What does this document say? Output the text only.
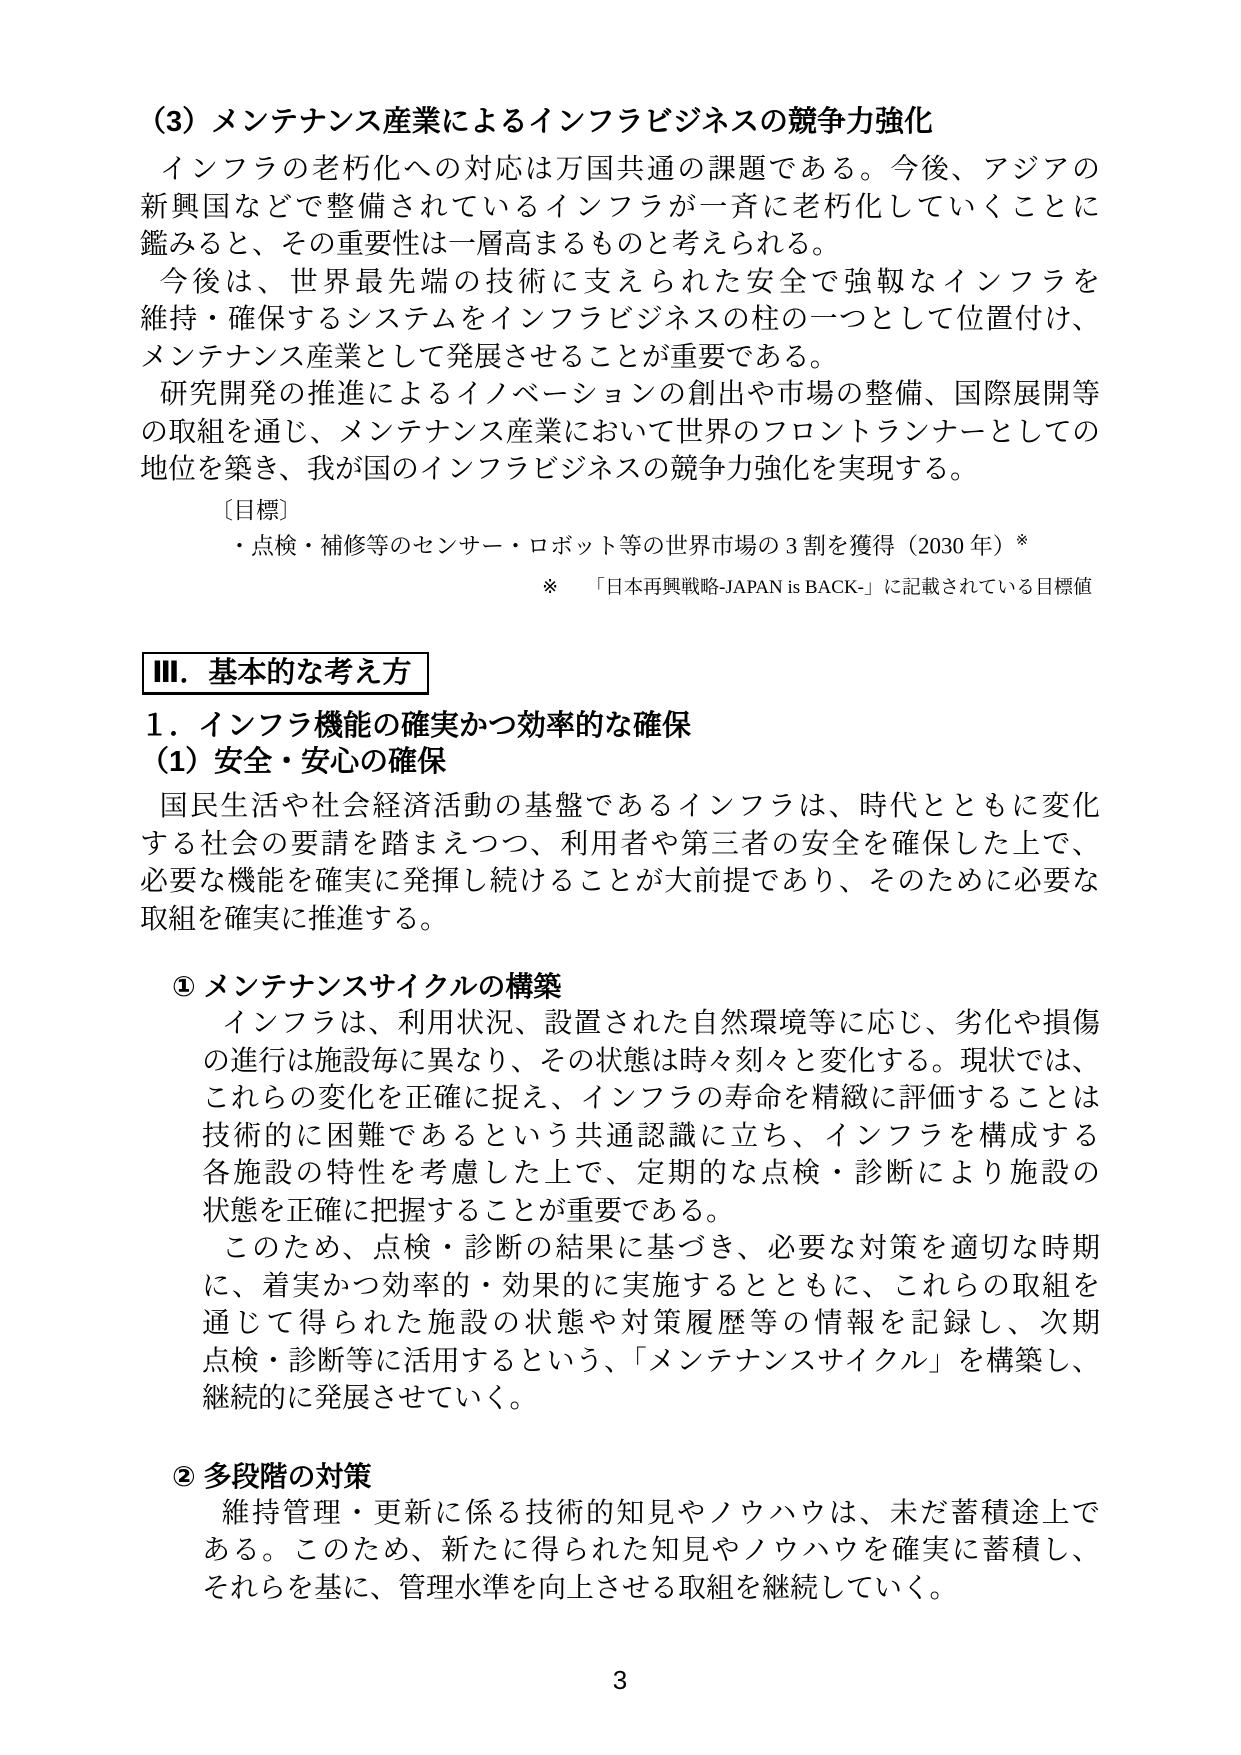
（3）メンテナンス産業によるインフラビジネスの競争力強化
インフラの老朽化への対応は万国共通の課題である。今後、アジアの
新興国などで整備されているインフラが一斉に老朽化していくことに
鑑みると、その重要性は一層高まるものと考えられる。
今後は、世界最先端の技術に支えられた安全で強靱なインフラを
維持・確保するシステムをインフラビジネスの柱の一つとして位置付け、
メンテナンス産業として発展させることが重要である。
研究開発の推進によるイノベーションの創出や市場の整備、国際展開等
の取組を通じ、メンテナンス産業において世界のフロントランナーとしての
地位を築き、我が国のインフラビジネスの競争力強化を実現する。
〔目標〕
・点検・補修等のセンサー・ロボット等の世界市場の 3 割を獲得（2030 年）※
※ 「日本再興戦略-JAPAN is BACK-」に記載されている目標値
Ⅲ．基本的な考え方
１．インフラ機能の確実かつ効率的な確保
（1）安全・安心の確保
国民生活や社会経済活動の基盤であるインフラは、時代とともに変化
する社会の要請を踏まえつつ、利用者や第三者の安全を確保した上で、
必要な機能を確実に発揮し続けることが大前提であり、そのために必要な
取組を確実に推進する。
① メンテナンスサイクルの構築
インフラは、利用状況、設置された自然環境等に応じ、劣化や損傷
の進行は施設毎に異なり、その状態は時々刻々と変化する。現状では、
これらの変化を正確に捉え、インフラの寿命を精緻に評価することは
技術的に困難であるという共通認識に立ち、インフラを構成する
各施設の特性を考慮した上で、定期的な点検・診断により施設の
状態を正確に把握することが重要である。
このため、点検・診断の結果に基づき、必要な対策を適切な時期
に、着実かつ効率的・効果的に実施するとともに、これらの取組を
通じて得られた施設の状態や対策履歴等の情報を記録し、次期
点検・診断等に活用するという、「メンテナンスサイクル」を構築し、
継続的に発展させていく。
② 多段階の対策
維持管理・更新に係る技術的知見やノウハウは、未だ蓄積途上で
ある。このため、新たに得られた知見やノウハウを確実に蓄積し、
それらを基に、管理水準を向上させる取組を継続していく。
3
